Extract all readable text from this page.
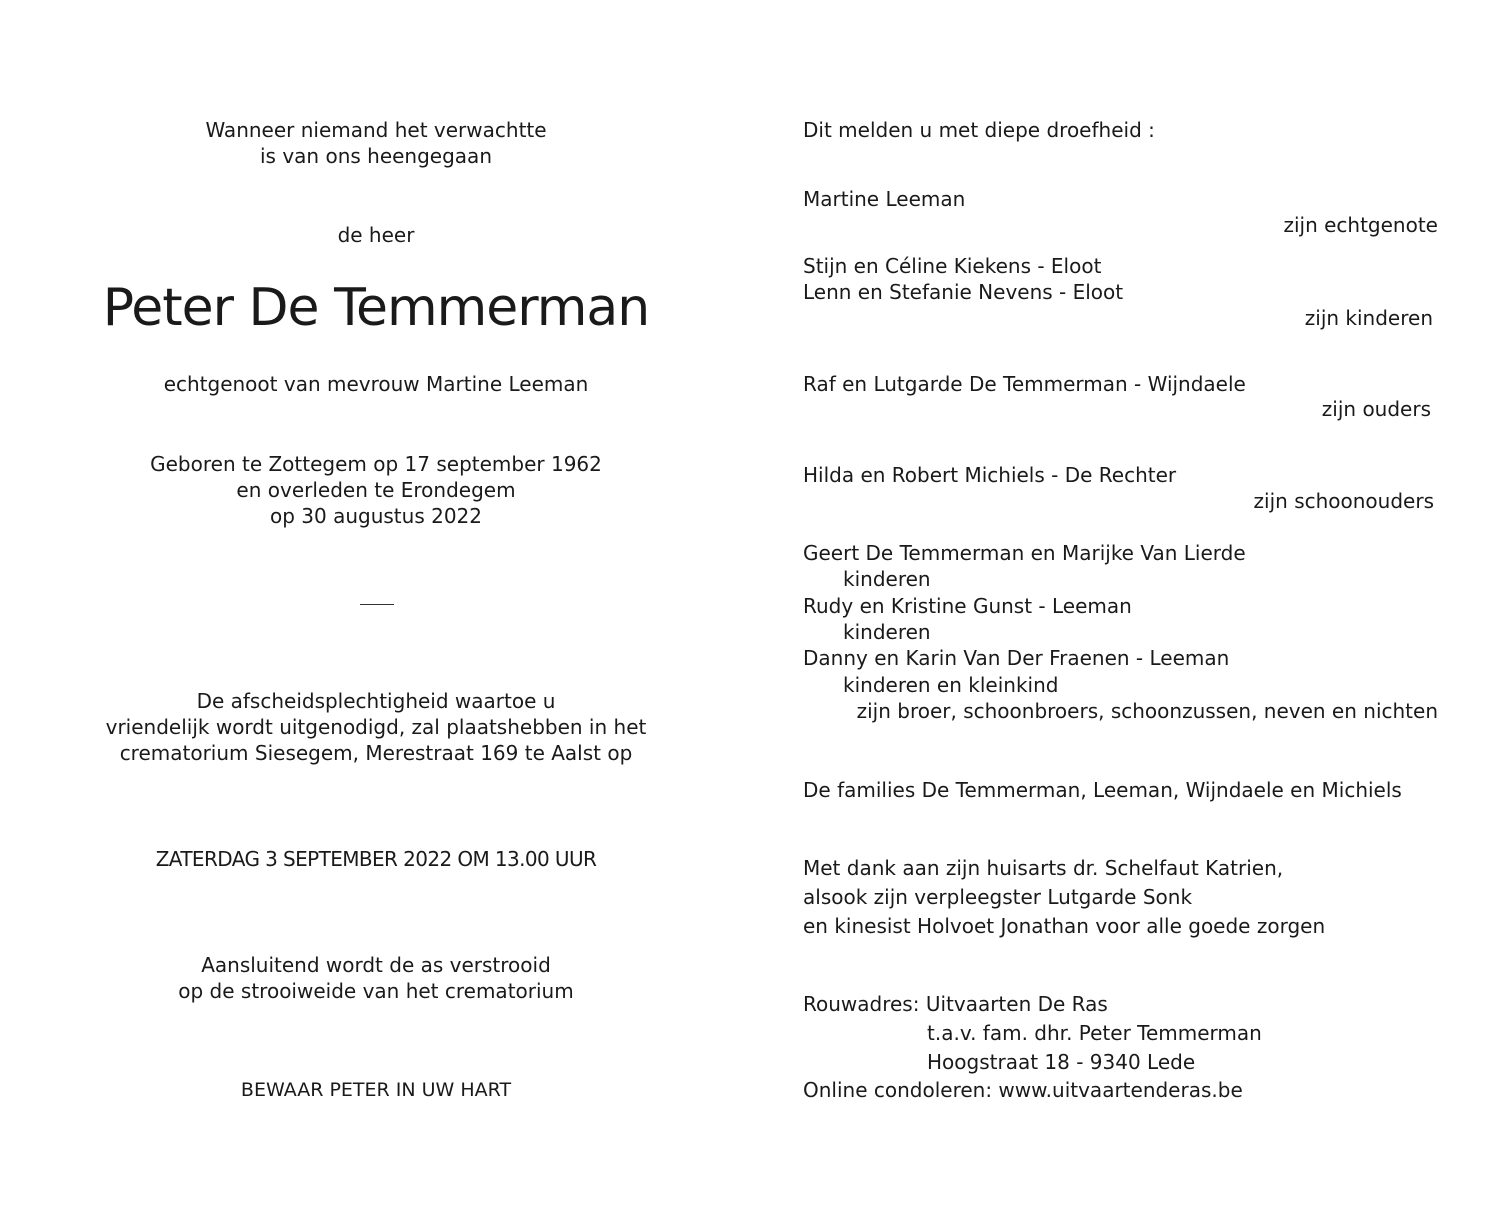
Wanneer niemand het verwachtte
is van ons heengegaan
de heer
Peter De Temmerman
echtgenoot van mevrouw Martine Leeman
Geboren te Zottegem op 17 september 1962
en overleden te Erondegem
op 30 augustus 2022
De afscheidsplechtigheid waartoe u
vriendelijk wordt uitgenodigd, zal plaatshebben in het
crematorium Siesegem, Merestraat 169 te Aalst op
ZATERDAG 3 SEPTEMBER 2022 OM 13.00 UUR
Aansluitend wordt de as verstrooid
op de strooiweide van het crematorium
BEWAAR PETER IN UW HART
Dit melden u met diepe droefheid :
Martine Leeman
zijn echtgenote
Stijn en Céline Kiekens - Eloot
Lenn en Stefanie Nevens - Eloot
zijn kinderen
Raf en Lutgarde De Temmerman - Wijndaele
zijn ouders
Hilda en Robert Michiels - De Rechter
zijn schoonouders
Geert De Temmerman en Marijke Van Lierde
kinderen
Rudy en Kristine Gunst - Leeman
kinderen
Danny en Karin Van Der Fraenen - Leeman
kinderen en kleinkind
zijn broer, schoonbroers, schoonzussen, neven en nichten
De families De Temmerman, Leeman, Wijndaele en Michiels
Met dank aan zijn huisarts dr. Schelfaut Katrien,
alsook zijn verpleegster Lutgarde Sonk
en kinesist Holvoet Jonathan voor alle goede zorgen
Rouwadres: Uitvaarten De Ras
t.a.v. fam. dhr. Peter Temmerman
Hoogstraat 18 - 9340 Lede
Online condoleren: www.uitvaartenderas.be
